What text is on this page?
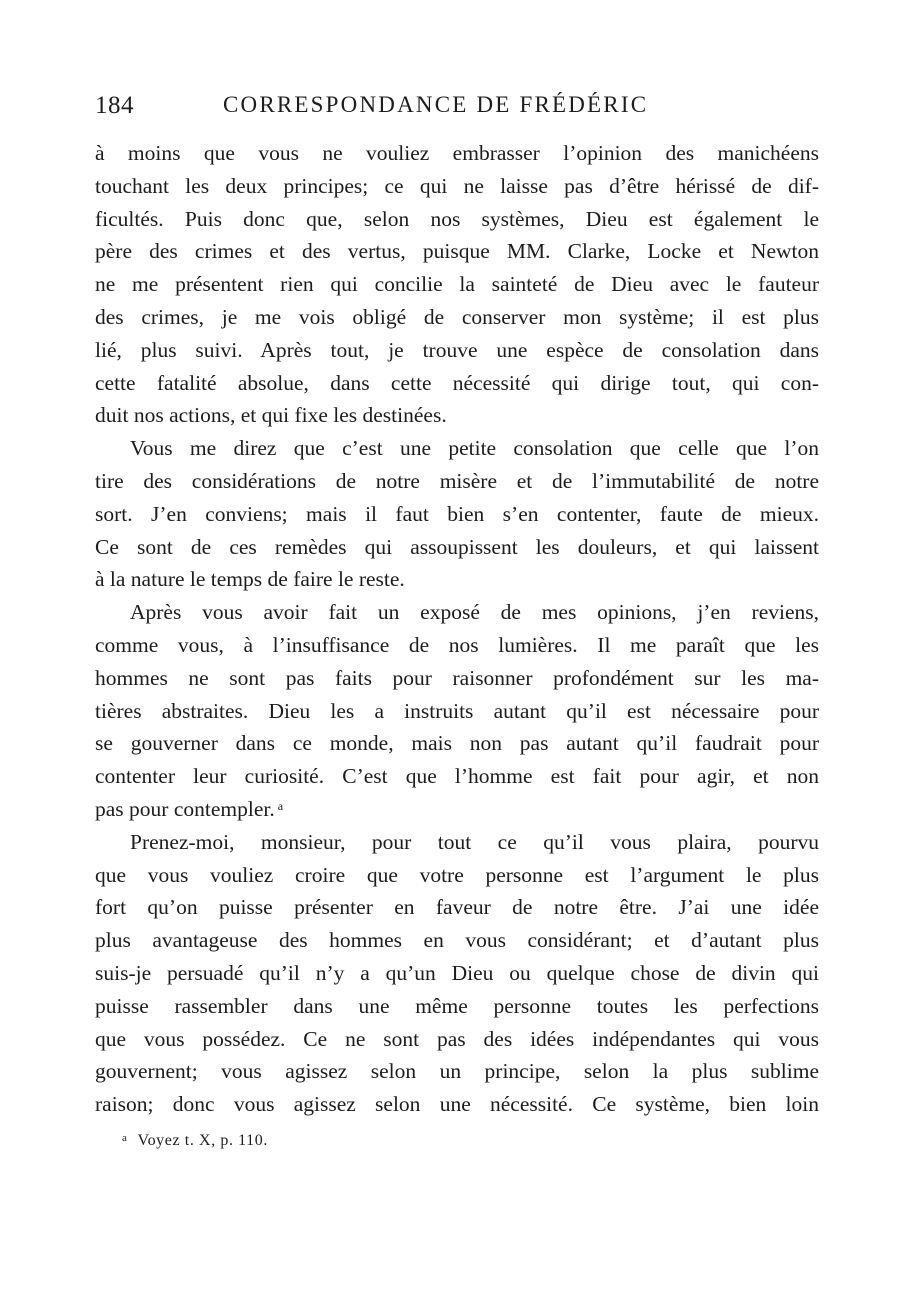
184	CORRESPONDANCE DE FRÉDÉRIC
à moins que vous ne vouliez embrasser l’opinion des manichéens
touchant les deux principes; ce qui ne laisse pas d’être hérissé de dif-
ficultés. Puis donc que, selon nos systèmes, Dieu est également le
père des crimes et des vertus, puisque MM. Clarke, Locke et Newton
ne me présentent rien qui concilie la sainteté de Dieu avec le fauteur
des crimes, je me vois obligé de conserver mon système; il est plus
lié, plus suivi. Après tout, je trouve une espèce de consolation dans
cette fatalité absolue, dans cette nécessité qui dirige tout, qui con-
duit nos actions, et qui fixe les destinées.
Vous me direz que c’est une petite consolation que celle que l’on
tire des considérations de notre misère et de l’immutabilité de notre
sort. J’en conviens; mais il faut bien s’en contenter, faute de mieux.
Ce sont de ces remèdes qui assoupissent les douleurs, et qui laissent
à la nature le temps de faire le reste.
Après vous avoir fait un exposé de mes opinions, j’en reviens,
comme vous, à l’insuffisance de nos lumières. Il me paraît que les
hommes ne sont pas faits pour raisonner profondément sur les ma-
tières abstraites. Dieu les a instruits autant qu’il est nécessaire pour
se gouverner dans ce monde, mais non pas autant qu’il faudrait pour
contenter leur curiosité. C’est que l’homme est fait pour agir, et non
pas pour contempler. $^a$
Prenez-moi, monsieur, pour tout ce qu’il vous plaira, pourvu
que vous vouliez croire que votre personne est l’argument le plus
fort qu’on puisse présenter en faveur de notre être. J’ai une idée
plus avantageuse des hommes en vous considérant; et d’autant plus
suis-je persuadé qu’il n’y a qu’un Dieu ou quelque chose de divin qui
puisse rassembler dans une même personne toutes les perfections
que vous possédez. Ce ne sont pas des idées indépendantes qui vous
gouvernent; vous agissez selon un principe, selon la plus sublime
raison; donc vous agissez selon une nécessité. Ce système, bien loin
$^a$ Voyez t. X, p. 110.
